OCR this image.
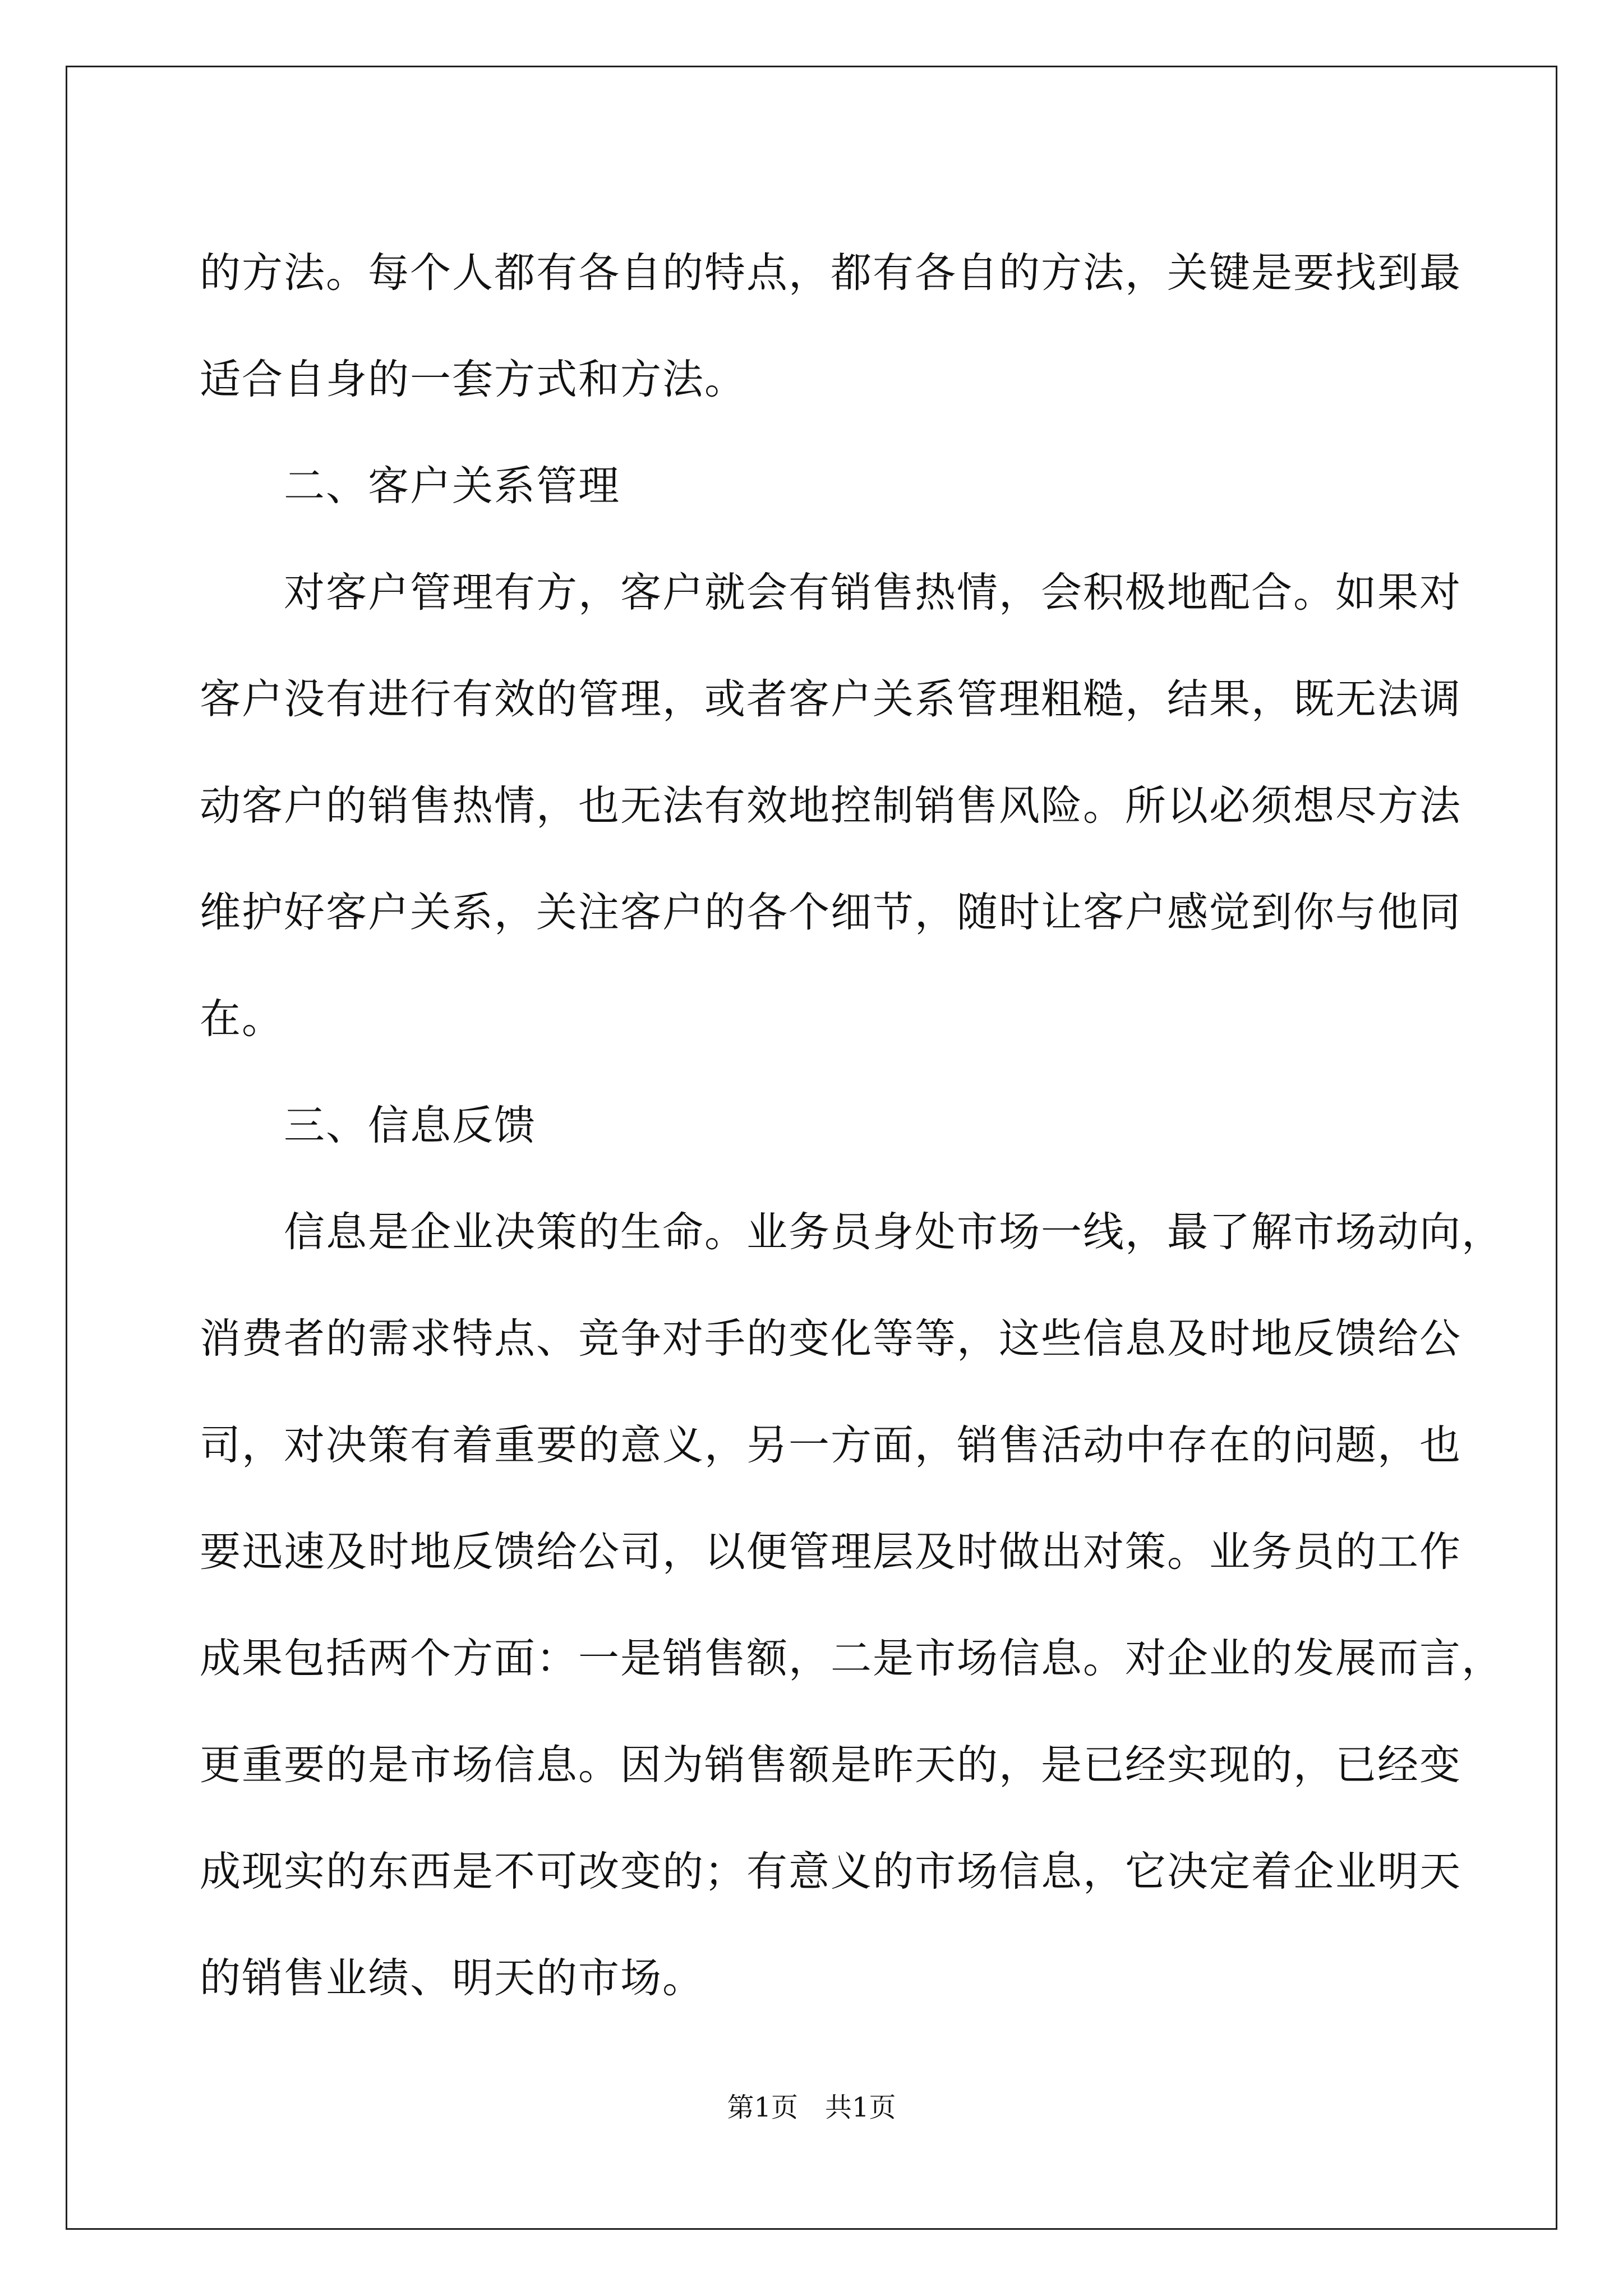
的方法。每个人都有各自的特点，都有各自的方法，关键是要找到最
适合自身的一套方式和方法。
二、客户关系管理
对客户管理有方，客户就会有销售热情，会积极地配合。如果对
客户没有进行有效的管理，或者客户关系管理粗糙，结果，既无法调
动客户的销售热情，也无法有效地控制销售风险。所以必须想尽方法
维护好客户关系，关注客户的各个细节，随时让客户感觉到你与他同
在。
三、信息反馈
信息是企业决策的生命。业务员身处市场一线，最了解市场动向，
消费者的需求特点、竞争对手的变化等等，这些信息及时地反馈给公
司，对决策有着重要的意义，另一方面，销售活动中存在的问题，也
要迅速及时地反馈给公司，以便管理层及时做出对策。业务员的工作
成果包括两个方面：一是销售额，二是市场信息。对企业的发展而言，
更重要的是市场信息。因为销售额是昨天的，是已经实现的，已经变
成现实的东西是不可改变的；有意义的市场信息，它决定着企业明天
的销售业绩、明天的市场。
第1页　共1页
